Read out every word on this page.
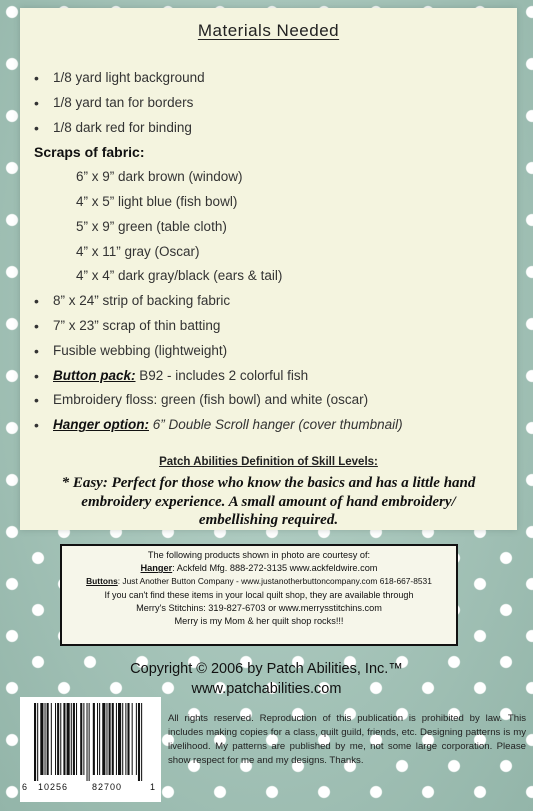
Materials Needed
• 1/8 yard light background
• 1/8 yard tan for borders
• 1/8 dark red for binding
Scraps of fabric:
6” x 9” dark brown (window)
4” x 5” light blue (fish bowl)
5” x 9” green (table cloth)
4” x 11” gray (Oscar)
4” x 4” dark gray/black (ears & tail)
• 8” x 24” strip of backing fabric
• 7” x 23” scrap of thin batting
• Fusible webbing (lightweight)
• Button pack: B92 - includes 2 colorful fish
• Embroidery floss: green (fish bowl) and white (oscar)
• Hanger option: 6” Double Scroll hanger (cover thumbnail)
Patch Abilities Definition of Skill Levels:
* Easy: Perfect for those who know the basics and has a little hand embroidery experience. A small amount of hand embroidery/ embellishing required.
The following products shown in photo are courtesy of:
Hanger: Ackfeld Mfg. 888-272-3135 www.ackfeldwire.com
Buttons: Just Another Button Company - www.justanotherbuttoncompany.com 618-667-8531
If you can't find these items in your local quilt shop, they are available through
Merry's Stitchins: 319-827-6703 or www.merrysstitchins.com
Merry is my Mom & her quilt shop rocks!!!
Copyright © 2006 by Patch Abilities, Inc.™
www.patchabilities.com
6 10256	82700	1
All rights reserved. Reproduction of this publication is prohibited by law. This includes making copies for a class, quilt guild, friends, etc. Designing patterns is my livelihood. My patterns are published by me, not some large corporation. Please show respect for me and my designs. Thanks.
